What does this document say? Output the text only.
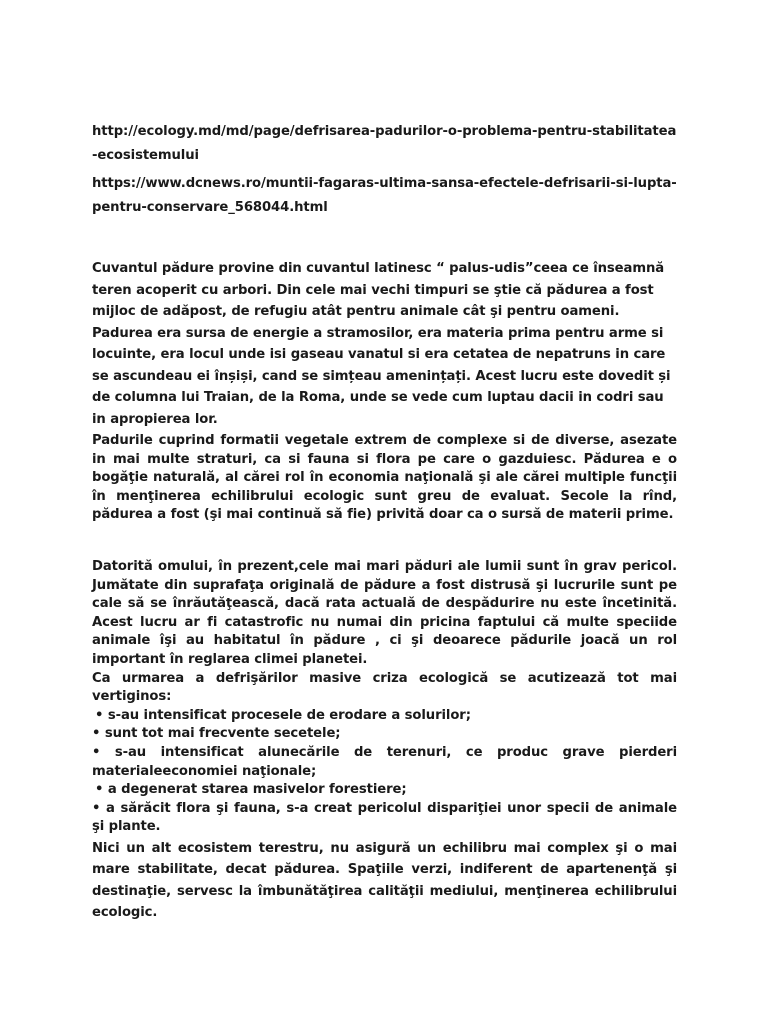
http://ecology.md/md/page/defrisarea-padurilor-o-problema-pentru-stabilitatea-ecosistemului
https://www.dcnews.ro/muntii-fagaras-ultima-sansa-efectele-defrisarii-si-lupta-pentru-conservare_568044.html
Cuvantul pădure provine din cuvantul latinesc “ palus-udis”ceea ce înseamnă teren acoperit cu arbori. Din cele mai vechi timpuri se ştie că pădurea a fost mijloc de adăpost, de refugiu atât pentru animale cât şi pentru oameni. Padurea era sursa de energie a stramosilor, era materia prima pentru arme si locuinte, era locul unde isi gaseau vanatul si era cetatea de nepatruns in care se ascundeau ei înșiși, cand se simțeau amenințați. Acest lucru este dovedit și de columna lui Traian, de la Roma, unde se vede cum luptau dacii in codri sau in apropierea lor.
Padurile cuprind formatii vegetale extrem de complexe si de diverse, asezate in mai multe straturi, ca si fauna si flora pe care o gazduiesc. Pădurea e o bogăţie naturală, al cărei rol în economia naţională şi ale cărei multiple funcţii în menţinerea echilibrului ecologic sunt greu de evaluat. Secole la rînd, pădurea a fost (şi mai continuă să fie) privită doar ca o sursă de materii prime.
Datorită omului, în prezent,cele mai mari păduri ale lumii sunt în grav pericol. Jumătate din suprafaţa originală de pădure a fost distrusă şi lucrurile sunt pe cale să se înrăutăţească, dacă rata actuală de despădurire nu este încetinită. Acest lucru ar fi catastrofic nu numai din pricina faptului că multe speciide animale îşi au habitatul în pădure , ci şi deoarece pădurile joacă un rol important în reglarea climei planetei.
Ca urmarea a defrişărilor masive criza ecologică se acutizează tot mai vertiginos:
• s-au intensificat procesele de erodare a solurilor;
• sunt tot mai frecvente secetele;
• s-au intensificat alunecările de terenuri, ce produc grave pierderi materialeeconomiei naţionale;
• a degenerat starea masivelor forestiere;
• a sărăcit flora şi fauna, s-a creat pericolul dispariţiei unor specii de animale şi plante.
Nici un alt ecosistem terestru, nu asigură un echilibru mai complex şi o mai mare stabilitate, decat pădurea. Spaţiile verzi, indiferent de apartenenţă şi destinaţie, servesc la îmbunătăţirea calităţii mediului, menţinerea echilibrului ecologic.
